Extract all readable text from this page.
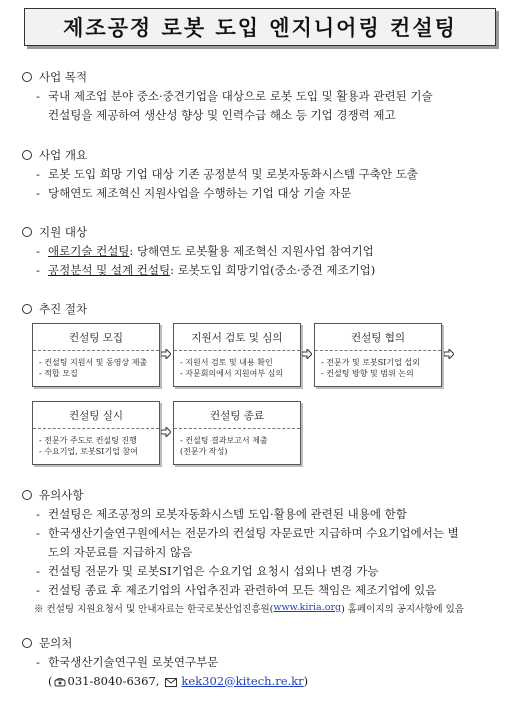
제조공정 로봇 도입 엔지니어링 컨설팅
사업 목적
- 국내 제조업 분야 중소·중견기업을 대상으로 로봇 도입 및 활용과 관련된 기술
컨설팅을 제공하여 생산성 향상 및 인력수급 해소 등 기업 경쟁력 제고
사업 개요
- 로봇 도입 희망 기업 대상 기존 공정분석 및 로봇자동화시스템 구축안 도출
- 당해연도 제조혁신 지원사업을 수행하는 기업 대상 기술 자문
지원 대상
- 애로기술 컨설팅 : 당해연도 로봇활용 제조혁신 지원사업 참여기업
- 공정분석 및 설계 컨설팅 : 로봇도입 희망기업(중소·중견 제조기업)
추진 절차
컨설팅 모집
- 컨설팅 지원서 및 동영상 제출
- 적합 모집
지원서 검토 및 심의
- 지원서 검토 및 내용 확인
- 자문회의에서 지원여부 심의
컨설팅 협의
- 전문가 및 로봇SI기업 섭외
- 컨설팅 방향 및 범위 논의
컨설팅 실시
- 전문가 주도로 컨설팅 진행
- 수요기업, 로봇SI기업 참여
컨설팅 종료
- 컨설팅 결과보고서 제출
(전문가 작성)
유의사항
- 컨설팅은 제조공정의 로봇자동화시스템 도입·활용에 관련된 내용에 한함
- 한국생산기술연구원에서는 전문가의 컨설팅 자문료만 지급하며 수요기업에서는 별
도의 자문료를 지급하지 않음
- 컨설팅 전문가 및 로봇SI기업은 수요기업 요청시 섭외나 변경 가능
- 컨설팅 종료 후 제조기업의 사업추진과 관련하여 모든 책임은 제조기업에 있음
※ 컨설팅 지원요청서 및 안내자료는 한국로봇산업진흥원( www.kiria.org ) 홈페이지의 공지사항에 있음
문의처
- 한국생산기술연구원 로봇연구부문
( 031-8040-6367, kek302@kitech.re.kr )
